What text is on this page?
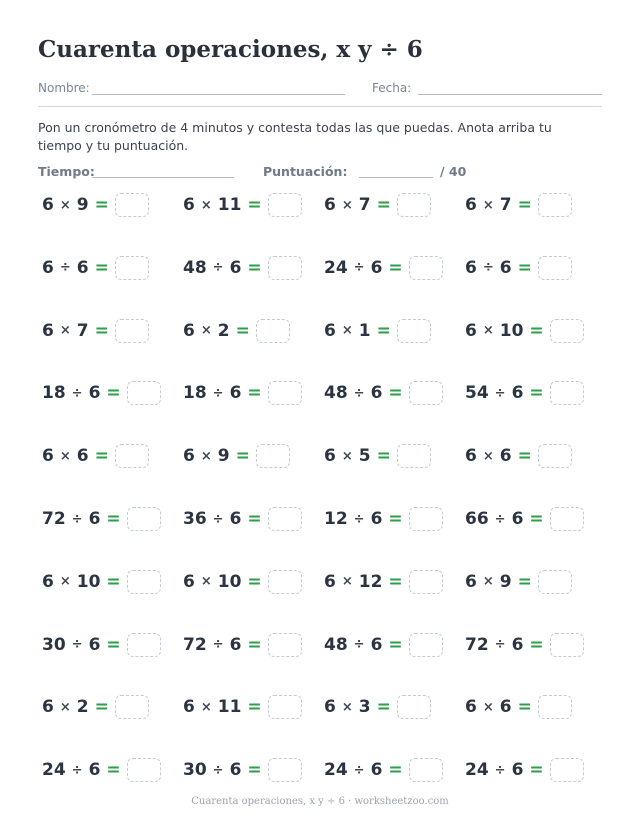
Cuarenta operaciones, x y ÷ 6
Nombre:	Fecha:
Pon un cronómetro de 4 minutos y contesta todas las que puedas. Anota arriba tu tiempo y tu puntuación.
Tiempo:	Puntuación:	/ 40
6 × 9 =	6 × 11 =	6 × 7 =	6 × 7 =
6 ÷ 6 =	48 ÷ 6 =	24 ÷ 6 =	6 ÷ 6 =
6 × 7 =	6 × 2 =	6 × 1 =	6 × 10 =
18 ÷ 6 =	18 ÷ 6 =	48 ÷ 6 =	54 ÷ 6 =
6 × 6 =	6 × 9 =	6 × 5 =	6 × 6 =
72 ÷ 6 =	36 ÷ 6 =	12 ÷ 6 =	66 ÷ 6 =
6 × 10 =	6 × 10 =	6 × 12 =	6 × 9 =
30 ÷ 6 =	72 ÷ 6 =	48 ÷ 6 =	72 ÷ 6 =
6 × 2 =	6 × 11 =	6 × 3 =	6 × 6 =
24 ÷ 6 =	30 ÷ 6 =	24 ÷ 6 =	24 ÷ 6 =
Cuarenta operaciones, x y ÷ 6 · worksheetzoo.com
